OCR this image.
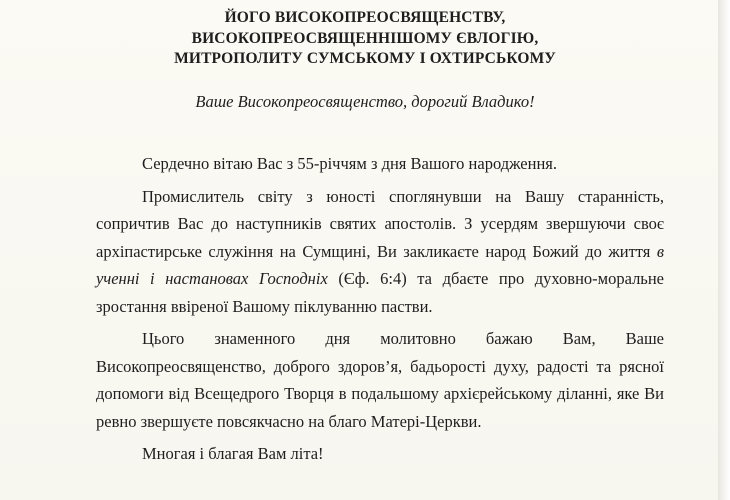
ЙОГО ВИСОКОПРЕОСВЯЩЕНСТВУ,
ВИСОКОПРЕОСВЯЩЕННІШОМУ ЄВЛОГІЮ,
МИТРОПОЛИТУ СУМСЬКОМУ І ОХТИРСЬКОМУ
Ваше Високопреосвященство, дорогий Владико!

Сердечно вітаю Вас з 55-річчям з дня Вашого народження.

Промислитель світу з юності споглянувши на Вашу старанність, сопричтив Вас до наступників святих апостолів. З усердям звершуючи своє архіпастирське служіння на Сумщині, Ви закликаєте народ Божий до життя в ученні і настановах Господніх (Єф. 6:4) та дбаєте про духовно-моральне зростання ввіреної Вашому піклуванню пастви.

Цього знаменного дня молитовно бажаю Вам, Ваше Високопреосвященство, доброго здоров’я, бадьорості духу, радості та рясної допомоги від Всещедрого Творця в подальшому архієрейському діланні, яке Ви ревно звершуєте повсякчасно на благо Матері-Церкви.

Многая і благая Вам літа!
